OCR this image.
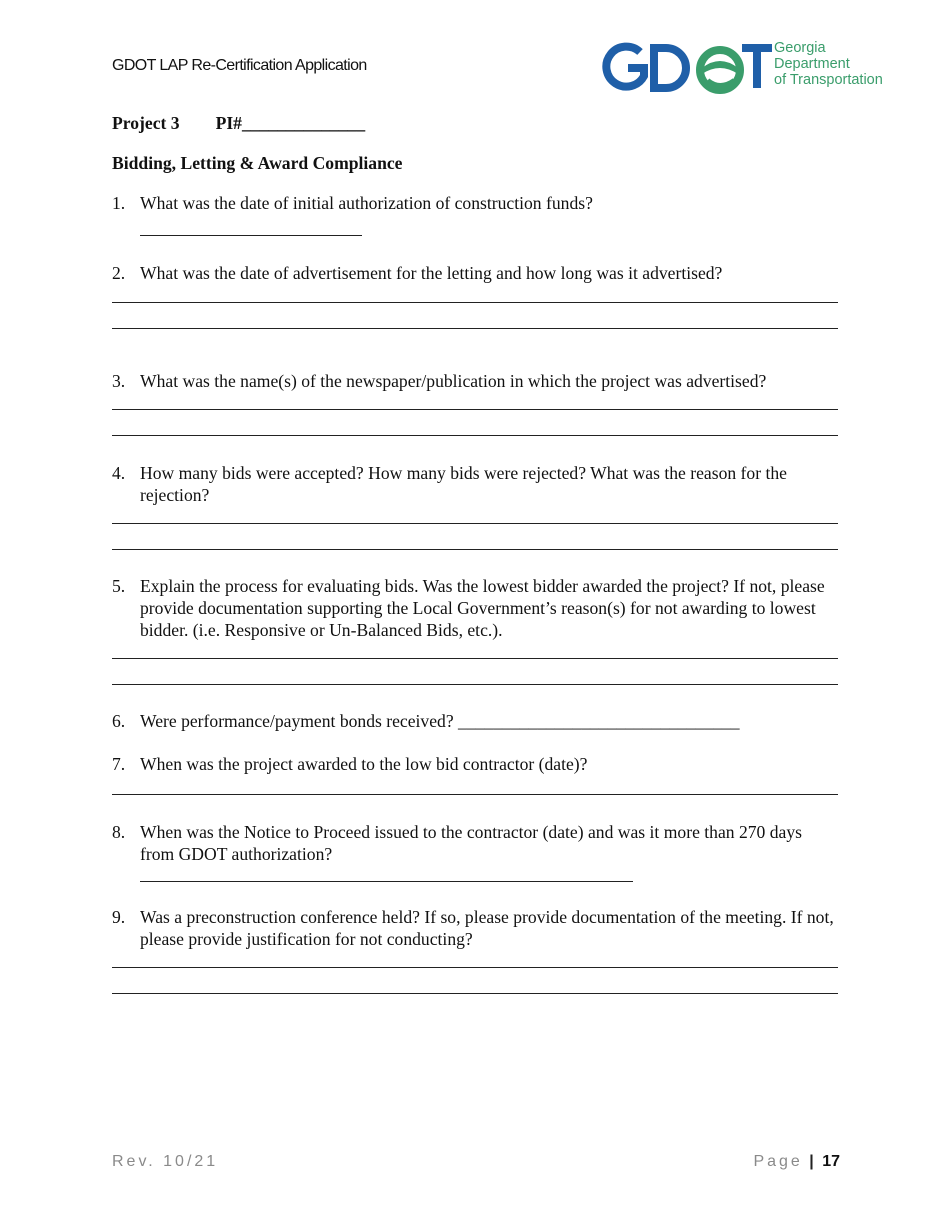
GDOT LAP Re-Certification Application
Georgia
Department
of Transportation
Project 3 PI#______________
Bidding, Letting & Award Compliance
1. What was the date of initial authorization of construction funds?
2. What was the date of advertisement for the letting and how long was it advertised?
3. What was the name(s) of the newspaper/publication in which the project was advertised?
4. How many bids were accepted? How many bids were rejected? What was the reason for the rejection?
5. Explain the process for evaluating bids. Was the lowest bidder awarded the project? If not, please provide documentation supporting the Local Government’s reason(s) for not awarding to lowest bidder. (i.e. Responsive or Un-Balanced Bids, etc.).
6. Were performance/payment bonds received? ________________________________
7. When was the project awarded to the low bid contractor (date)?
8. When was the Notice to Proceed issued to the contractor (date) and was it more than 270 days from GDOT authorization?
9. Was a preconstruction conference held? If so, please provide documentation of the meeting. If not, please provide justification for not conducting?
Rev. 10/21	Page | 17
